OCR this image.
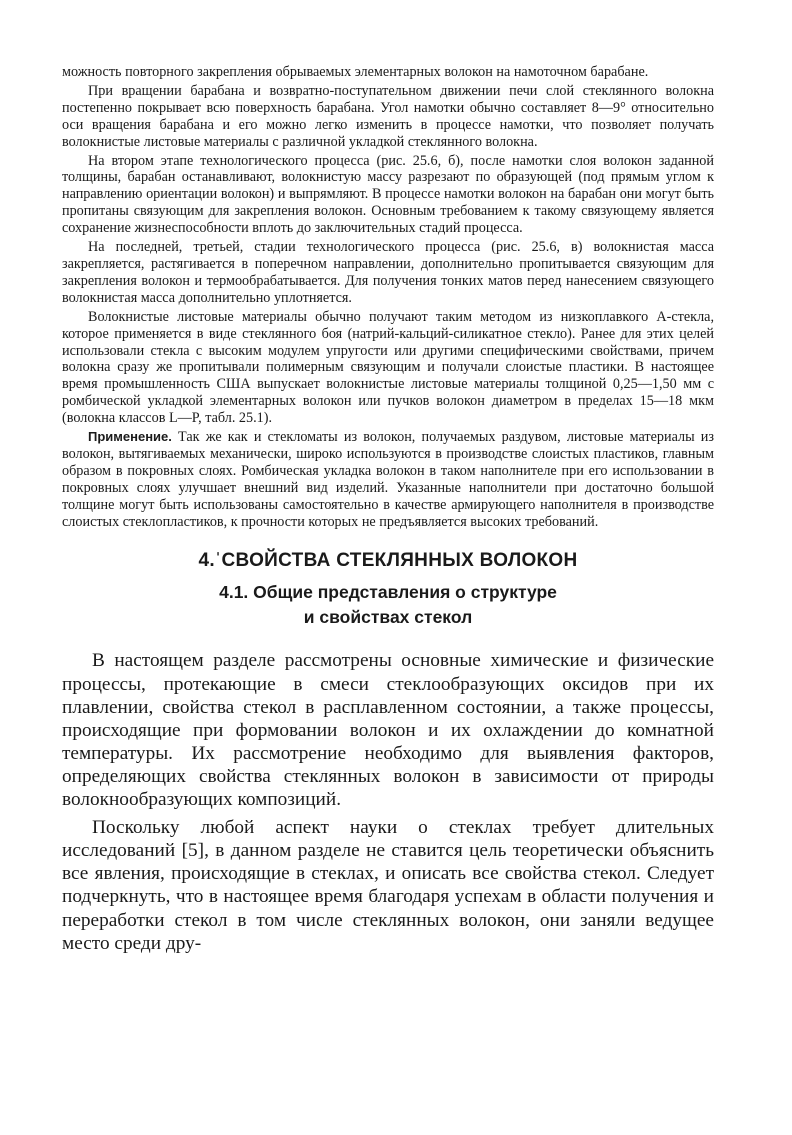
можность повторного закрепления обрываемых элементарных волокон на намоточном барабане.

При вращении барабана и возвратно-поступательном движении печи слой стеклянного волокна постепенно покрывает всю поверхность барабана. Угол намотки обычно составляет 8—9° относительно оси вращения барабана и его можно легко изменить в процессе намотки, что позволяет получать волокнистые листовые материалы с различной укладкой стеклянного волокна.

На втором этапе технологического процесса (рис. 25.6, б), после намотки слоя волокон заданной толщины, барабан останавливают, волокнистую массу разрезают по образующей (под прямым углом к направлению ориентации волокон) и выпрямляют. В процессе намотки волокон на барабан они могут быть пропитаны связующим для закрепления волокон. Основным требованием к такому связующему является сохранение жизнеспособности вплоть до заключительных стадий процесса.

На последней, третьей, стадии технологического процесса (рис. 25.6, в) волокнистая масса закрепляется, растягивается в поперечном направлении, дополнительно пропитывается связующим для закрепления волокон и термообрабатывается. Для получения тонких матов перед нанесением связующего волокнистая масса дополнительно уплотняется.

Волокнистые листовые материалы обычно получают таким методом из низкоплавкого А-стекла, которое применяется в виде стеклянного боя (натрий-кальций-силикатное стекло). Ранее для этих целей использовали стекла с высоким модулем упругости или другими специфическими свойствами, причем волокна сразу же пропитывали полимерным связующим и получали слоистые пластики. В настоящее время промышленность США выпускает волокнистые листовые материалы толщиной 0,25—1,50 мм с ромбической укладкой элементарных волокон или пучков волокон диаметром в пределах 15—18 мкм (волокна классов L—P, табл. 25.1).

Применение. Так же как и стекломаты из волокон, получаемых раздувом, листовые материалы из волокон, вытягиваемых механически, широко используются в производстве слоистых пластиков, главным образом в покровных слоях. Ромбическая укладка волокон в таком наполнителе при его использовании в покровных слоях улучшает внешний вид изделий. Указанные наполнители при достаточно большой толщине могут быть использованы самостоятельно в качестве армирующего наполнителя в производстве слоистых стеклопластиков, к прочности которых не предъявляется высоких требований.

4.ˈСВОЙСТВА СТЕКЛЯННЫХ ВОЛОКОН
4.1. Общие представления о структуре
и свойствах стекол

В настоящем разделе рассмотрены основные химические и физические процессы, протекающие в смеси стеклообразующих оксидов при их плавлении, свойства стекол в расплавленном состоянии, а также процессы, происходящие при формовании волокон и их охлаждении до комнатной температуры. Их рассмотрение необходимо для выявления факторов, определяющих свойства стеклянных волокон в зависимости от природы волокнообразующих композиций.

Поскольку любой аспект науки о стеклах требует длительных исследований [5], в данном разделе не ставится цель теоретически объяснить все явления, происходящие в стеклах, и описать все свойства стекол. Следует подчеркнуть, что в настоящее время благодаря успехам в области получения и переработки стекол в том числе стеклянных волокон, они заняли ведущее место среди дру-
